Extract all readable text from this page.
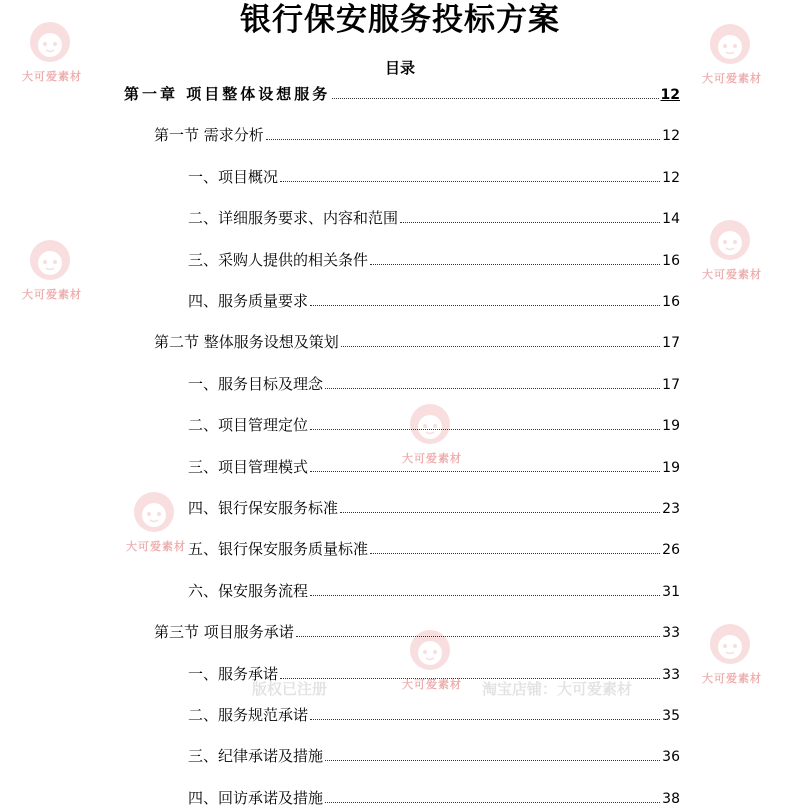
大可爱素材	大可爱素材
大可爱素材
大可爱素材
大可爱素材
大可爱素材	大可爱素材
大可爱素材
版权已注册	淘宝店铺：大可爱素材
银行保安服务投标方案
目录
第一章 项目整体设想服务	12
第一节 需求分析	12
一、项目概况	12
二、详细服务要求、内容和范围	14
三、采购人提供的相关条件	16
四、服务质量要求	16
第二节 整体服务设想及策划	17
一、服务目标及理念	17
二、项目管理定位	19
三、项目管理模式	19
四、银行保安服务标准	23
五、银行保安服务质量标准	26
六、保安服务流程	31
第三节 项目服务承诺	33
一、服务承诺	33
二、服务规范承诺	35
三、纪律承诺及措施	36
四、回访承诺及措施	38
